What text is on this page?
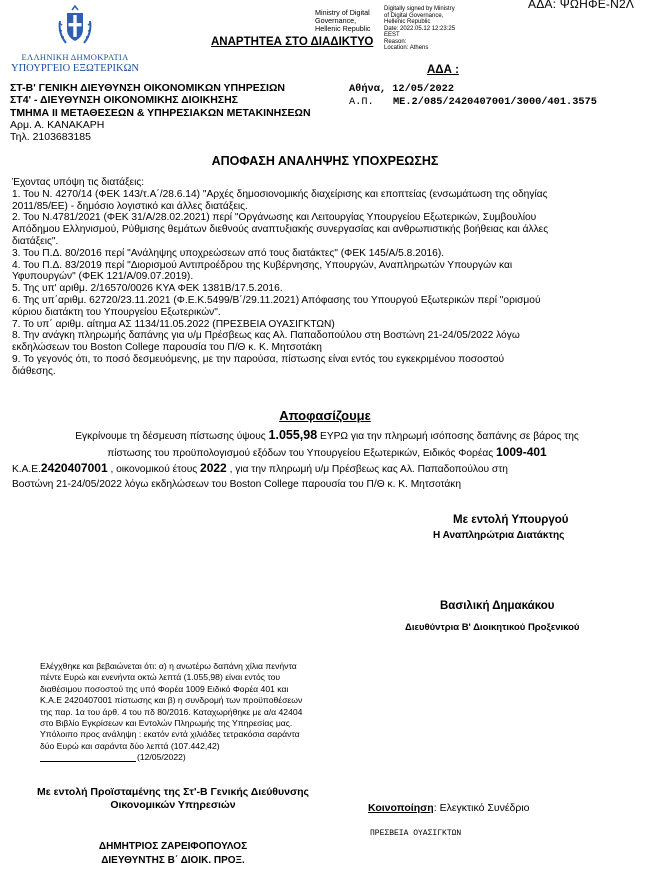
ΑΔΑ: ΨΩΗΦΕ-Ν2Λ
ΕΛΛΗΝΙΚΗ ΔΗΜΟΚΡΑΤΙΑ
ΥΠΟΥΡΓΕΙΟ ΕΞΩΤΕΡΙΚΩΝ
Ministry of Digital
Governance,
Hellenic Republic
Digitally signed by Ministry
of Digital Governance,
Hellenic Republic
Date: 2022.05.12 12:23:25
EEST
Reason:
Location: Athens
ΑΝΑΡΤΗΤΕΑ ΣΤΟ ΔΙΑΔΙΚΤΥΟ
ΑΔΑ :
ΣΤ-Β' ΓΕΝΙΚΗ ΔΙΕΥΘΥΝΣΗ ΟΙΚΟΝΟΜΙΚΩΝ ΥΠΗΡΕΣΙΩΝ
ΣΤ4' - ΔΙΕΥΘΥΝΣΗ ΟΙΚΟΝΟΜΙΚΗΣ ΔΙΟΙΚΗΣΗΣ
ΤΜΗΜΑ ΙΙ ΜΕΤΑΘΕΣΕΩΝ & ΥΠΗΡΕΣΙΑΚΩΝ ΜΕΤΑΚΙΝΗΣΕΩΝ
Αρμ. Α. ΚΑΝΑΚΑΡΗ
Τηλ. 2103683185
Αθήνα, 12/05/2022
Α.Π. ΜΕ.2/085/2420407001/3000/401.3575
ΑΠΟΦΑΣΗ ΑΝΑΛΗΨΗΣ ΥΠΟΧΡΕΩΣΗΣ
Έχοντας υπόψη τις διατάξεις:
1. Του Ν. 4270/14 (ΦΕΚ 143/τ.Α΄/28.6.14) "Αρχές δημοσιονομικής διαχείρισης και εποπτείας (ενσωμάτωση της οδηγίας
2011/85/ΕΕ) - δημόσιο λογιστικό και άλλες διατάξεις.
2. Του Ν.4781/2021 (ΦΕΚ 31/Α/28.02.2021) περί "Οργάνωσης και Λειτουργίας Υπουργείου Εξωτερικών, Συμβουλίου
Απόδημου Ελληνισμού, Ρύθμισης θεμάτων διεθνούς αναπτυξιακής συνεργασίας και ανθρωπιστικής βοήθειας και άλλες
διατάξεις".
3. Του Π.Δ. 80/2016 περί "Ανάληψης υποχρεώσεων από τους διατάκτες" (ΦΕΚ 145/Α/5.8.2016).
4. Του Π.Δ. 83/2019 περί "Διορισμού Αντιπροέδρου της Κυβέρνησης, Υπουργών, Αναπληρωτών Υπουργών και
Υφυπουργών" (ΦΕΚ 121/Α/09.07.2019).
5. Της υπ' αριθμ. 2/16570/0026 ΚΥΑ ΦΕΚ 1381Β/17.5.2016.
6. Της υπ΄αριθμ. 62720/23.11.2021 (Φ.Ε.Κ.5499/Β΄/29.11.2021) Απόφασης του Υπουργού Εξωτερικών περί "ορισμού
κύριου διατάκτη του Υπουργείου Εξωτερικών".
7. Το υπ΄ αριθμ. αίτημα ΑΣ 1134/11.05.2022 (ΠΡΕΣΒΕΙΑ ΟΥΑΣΙΓΚΤΩΝ)
8. Την ανάγκη πληρωμής δαπάνης για υ/μ Πρέσβεως κας Αλ. Παπαδοπούλου στη Βοστώνη 21-24/05/2022 λόγω
εκδηλώσεων του Boston College παρουσία του Π/Θ κ. Κ. Μητσοτάκη
9. Το γεγονός ότι, το ποσό δεσμευόμενης, με την παρούσα, πίστωσης είναι εντός του εγκεκριμένου ποσοστού
διάθεσης.
Αποφασίζουμε
Εγκρίνουμε τη δέσμευση πίστωσης ύψους 1.055,98 ΕΥΡΩ για την πληρωμή ισόποσης δαπάνης σε βάρος της
πίστωσης του προϋπολογισμού εξόδων του Υπουργείου Εξωτερικών, Ειδικός Φορέας 1009-401
Κ.Α.Ε.2420407001 , οικονομικού έτους 2022 , για την πληρωμή υ/μ Πρέσβεως κας Αλ. Παπαδοπούλου στη
Βοστώνη 21-24/05/2022 λόγω εκδηλώσεων του Boston College παρουσία του Π/Θ κ. Κ. Μητσοτάκη
Με εντολή Υπουργού
Η Αναπληρώτρια Διατάκτης
Βασιλική Δημακάκου
Διευθύντρια Β' Διοικητικού Προξενικού
Ελέγχθηκε και βεβαιώνεται ότι: α) η ανωτέρω δαπάνη χίλια πενήντα
πέντε Ευρώ και ενενήντα οκτώ λεπτά (1.055,98) είναι εντός του
διαθέσιμου ποσοστού της υπό Φορέα 1009 Ειδικό Φορέα 401 και
Κ.Α.Ε 2420407001 πίστωσης και β) η συνδρομή των προϋποθέσεων
της παρ. 1α του άρθ. 4 του πδ 80/2016. Καταχωρήθηκε με α/α 42404
στο Βιβλίο Εγκρίσεων και Εντολών Πληρωμής της Υπηρεσίας μας.
Υπόλοιπο προς ανάληψη : εκατόν εντά χιλιάδες τετρακόσια σαράντα
δύο Ευρώ και σαράντα δύο λεπτά (107.442,42)
(12/05/2022)
Με εντολή Προϊσταμένης της Στ'-Β Γενικής Διεύθυνσης
Οικονομικών Υπηρεσιών	Κοινοποίηση: Ελεγκτικό Συνέδριο
ΠΡΕΣΒΕΙΑ ΟΥΑΣΙΓΚΤΩΝ
ΔΗΜΗΤΡΙΟΣ ΖΑΡΕΙΦΟΠΟΥΛΟΣ
ΔΙΕΥΘΥΝΤΗΣ Β΄ ΔΙΟΙΚ. ΠΡΟΞ.
